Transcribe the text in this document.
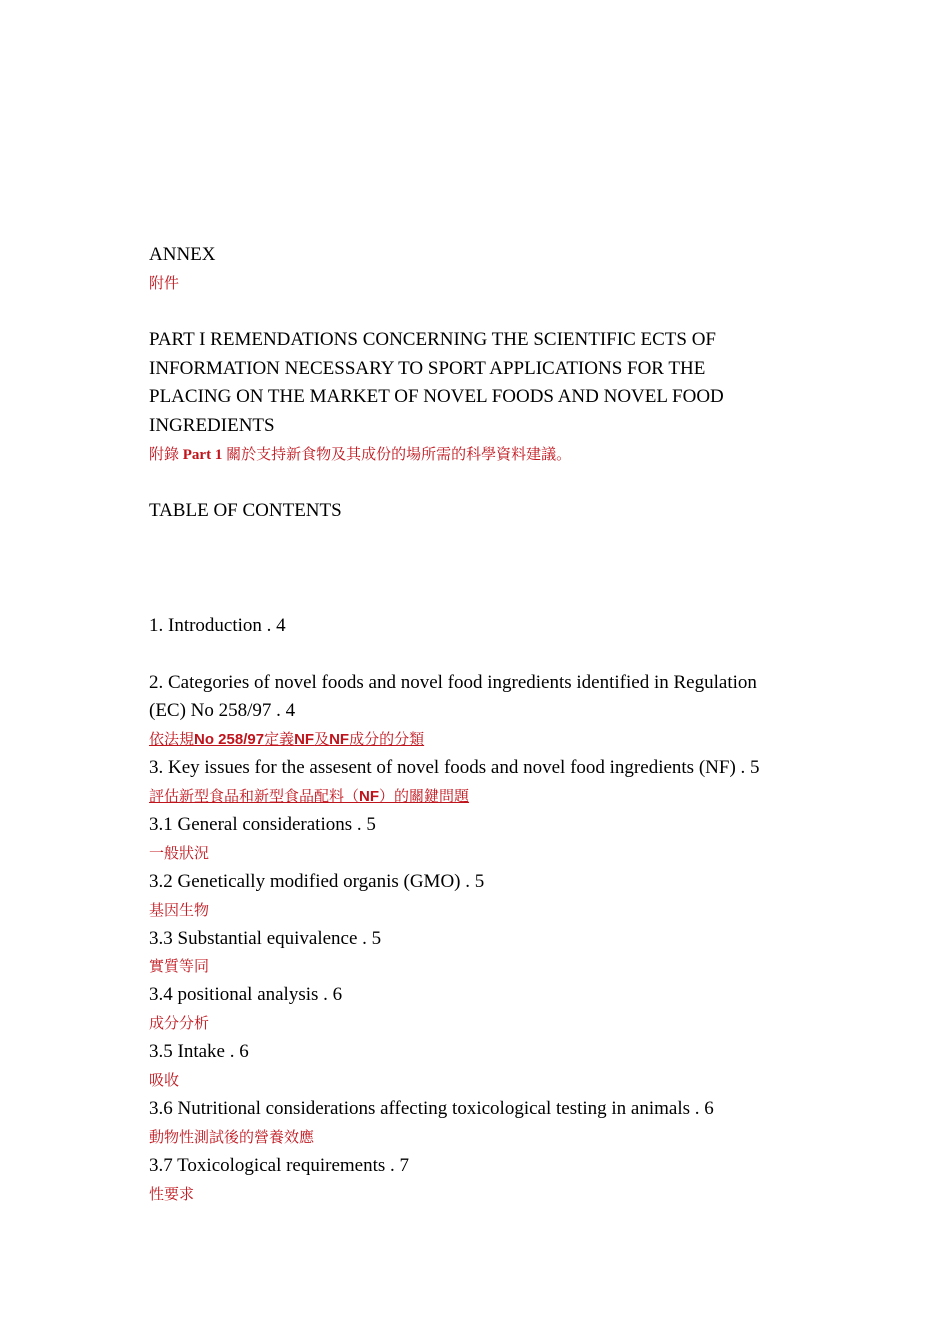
ANNEX

附件

PART I REMENDATIONS CONCERNING THE SCIENTIFIC ECTS OF

INFORMATION NECESSARY TO SPORT APPLICATIONS FOR THE

PLACING ON THE MARKET OF NOVEL FOODS AND NOVEL FOOD

INGREDIENTS

附錄 Part 1 關於支持新食物及其成份的場所需的科學資料建議。

TABLE OF CONTENTS

1. Introduction . 4

2. Categories of novel foods and novel food ingredients identified in Regulation

(EC) No 258/97 . 4

依法規No 258/97定義NF及NF成分的分類

3. Key issues for the assesent of novel foods and novel food ingredients (NF) . 5

評估新型食品和新型食品配料（NF）的關鍵問題

3.1 General considerations . 5

一般狀況

3.2 Genetically modified organis (GMO) . 5

基因生物

3.3 Substantial equivalence . 5

實質等同

3.4 positional analysis . 6

成分分析

3.5 Intake . 6

吸收

3.6 Nutritional considerations affecting toxicological testing in animals . 6

動物性測試後的營養效應

3.7 Toxicological requirements . 7

性要求
